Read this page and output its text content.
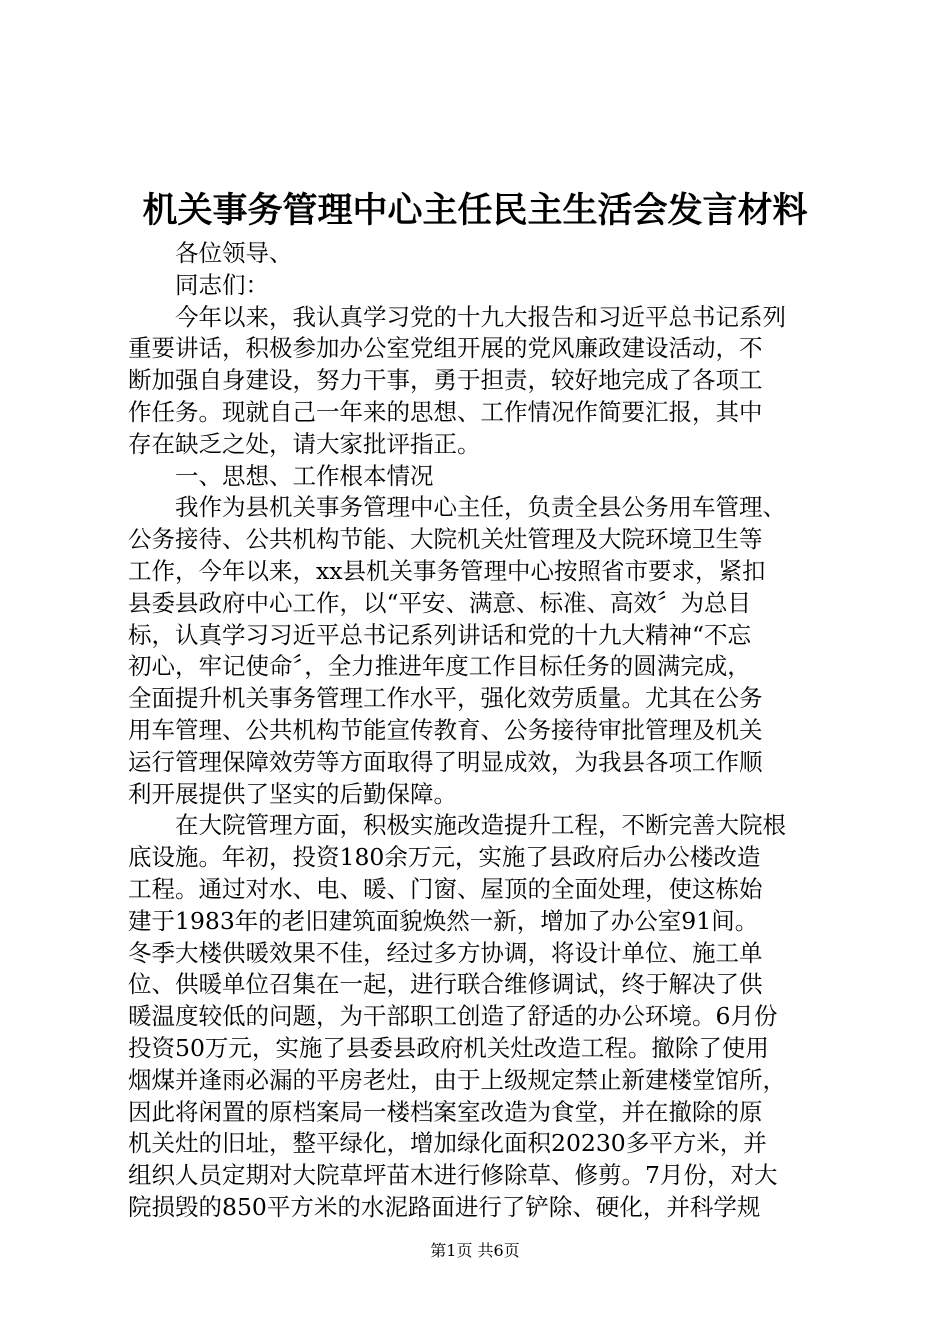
机关事务管理中心主任民主生活会发言材料
各位领导、
同志们：
今年以来，我认真学习党的十九大报告和习近平总书记系列
重要讲话，积极参加办公室党组开展的党风廉政建设活动，不
断加强自身建设，努力干事，勇于担责，较好地完成了各项工
作任务。现就自己一年来的思想、工作情况作简要汇报，其中
存在缺乏之处，请大家批评指正。
一、思想、工作根本情况
我作为县机关事务管理中心主任，负责全县公务用车管理、
公务接待、公共机构节能、大院机关灶管理及大院环境卫生等
工作，今年以来，xx县机关事务管理中心按照省市要求，紧扣
县委县政府中心工作，以“平安、满意、标准、高效〞为总目
标，认真学习习近平总书记系列讲话和党的十九大精神“不忘
初心，牢记使命〞，全力推进年度工作目标任务的圆满完成，
全面提升机关事务管理工作水平，强化效劳质量。尤其在公务
用车管理、公共机构节能宣传教育、公务接待审批管理及机关
运行管理保障效劳等方面取得了明显成效，为我县各项工作顺
利开展提供了坚实的后勤保障。
在大院管理方面，积极实施改造提升工程，不断完善大院根
底设施。年初，投资180余万元，实施了县政府后办公楼改造
工程。通过对水、电、暖、门窗、屋顶的全面处理，使这栋始
建于1983年的老旧建筑面貌焕然一新，增加了办公室91间。
冬季大楼供暖效果不佳，经过多方协调，将设计单位、施工单
位、供暖单位召集在一起，进行联合维修调试，终于解决了供
暖温度较低的问题，为干部职工创造了舒适的办公环境。6月份
投资50万元，实施了县委县政府机关灶改造工程。撤除了使用
烟煤并逢雨必漏的平房老灶，由于上级规定禁止新建楼堂馆所，
因此将闲置的原档案局一楼档案室改造为食堂，并在撤除的原
机关灶的旧址，整平绿化，增加绿化面积20230多平方米，并
组织人员定期对大院草坪苗木进行修除草、修剪。7月份，对大
院损毁的850平方米的水泥路面进行了铲除、硬化，并科学规
第1页 共6页
